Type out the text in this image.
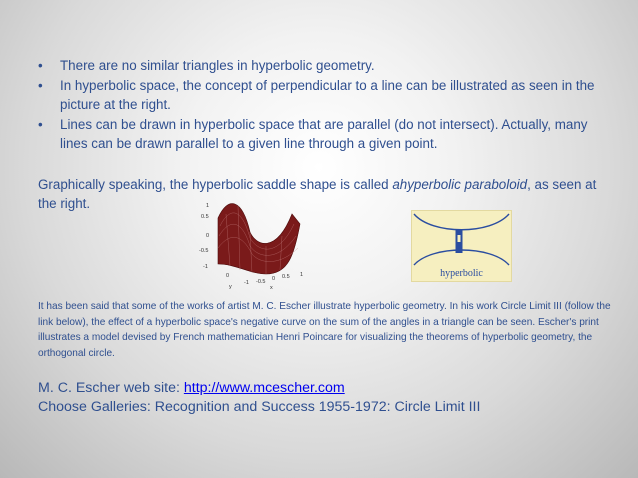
• There are no similar triangles in hyperbolic geometry.
• In hyperbolic space, the concept of perpendicular to a line can be illustrated as seen in the picture at the right.
• Lines can be drawn in hyperbolic space that are parallel (do not intersect). Actually, many lines can be drawn parallel to a given line through a given point.

Graphically speaking, the hyperbolic saddle shape is called ahyperbolic paraboloid, as seen at the right.	1
0.5
0
-0.5
-1
0
y
-1 -0.5 0 0.5
x
1	hyperbolic

It has been said that some of the works of artist M. C. Escher illustrate hyperbolic geometry. In his work Circle Limit III (follow the link below), the effect of a hyperbolic space's negative curve on the sum of the angles in a triangle can be seen. Escher's print illustrates a model devised by French mathematician Henri Poincare for visualizing the theorems of hyperbolic geometry, the orthogonal circle.

M. C. Escher web site: http://www.mcescher.com

Choose Galleries: Recognition and Success 1955-1972: Circle Limit III
